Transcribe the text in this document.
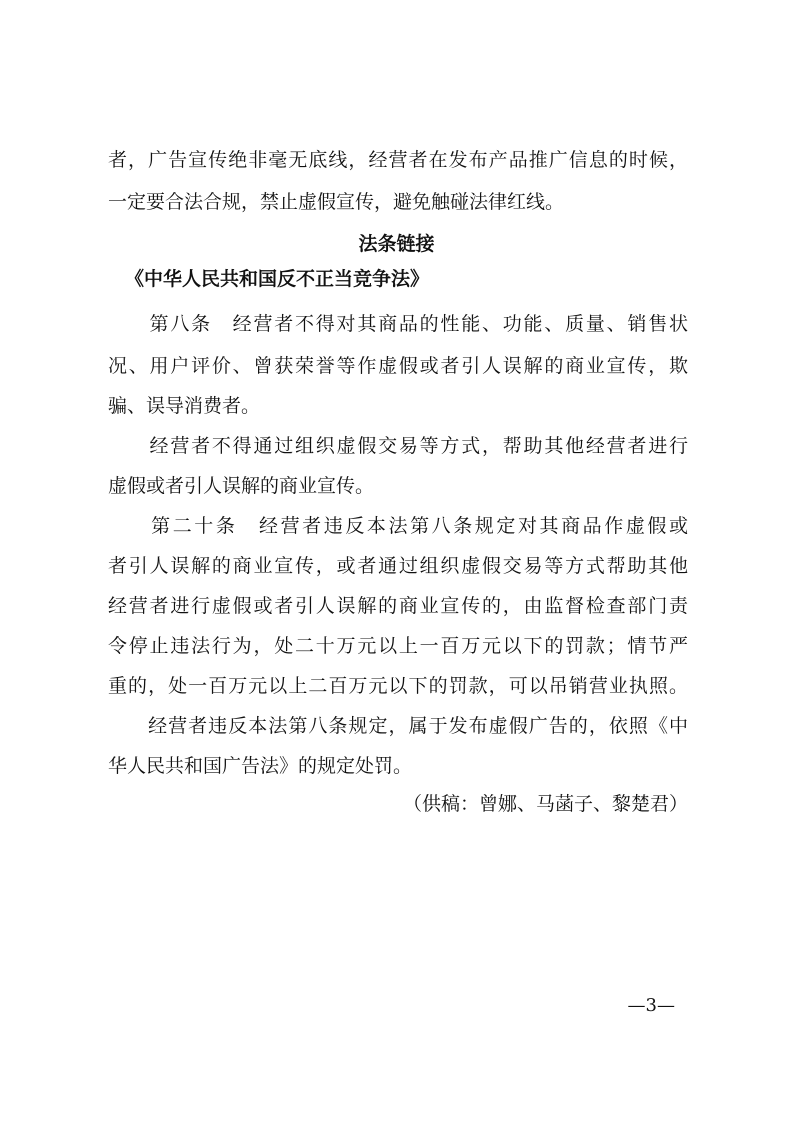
者，广告宣传绝非毫无底线，经营者在发布产品推广信息的时候，
一定要合法合规，禁止虚假宣传，避免触碰法律红线。
法条链接
《中华人民共和国反不正当竞争法》
　　第八条　经营者不得对其商品的性能、功能、质量、销售状
况、用户评价、曾获荣誉等作虚假或者引人误解的商业宣传，欺
骗、误导消费者。
　　经营者不得通过组织虚假交易等方式，帮助其他经营者进行
虚假或者引人误解的商业宣传。
　　第二十条　经营者违反本法第八条规定对其商品作虚假或
者引人误解的商业宣传，或者通过组织虚假交易等方式帮助其他
经营者进行虚假或者引人误解的商业宣传的，由监督检查部门责
令停止违法行为，处二十万元以上一百万元以下的罚款；情节严
重的，处一百万元以上二百万元以下的罚款，可以吊销营业执照。
　　经营者违反本法第八条规定，属于发布虚假广告的，依照《中
华人民共和国广告法》的规定处罚。
（供稿：曾娜、马菡子、黎楚君）
—3—
